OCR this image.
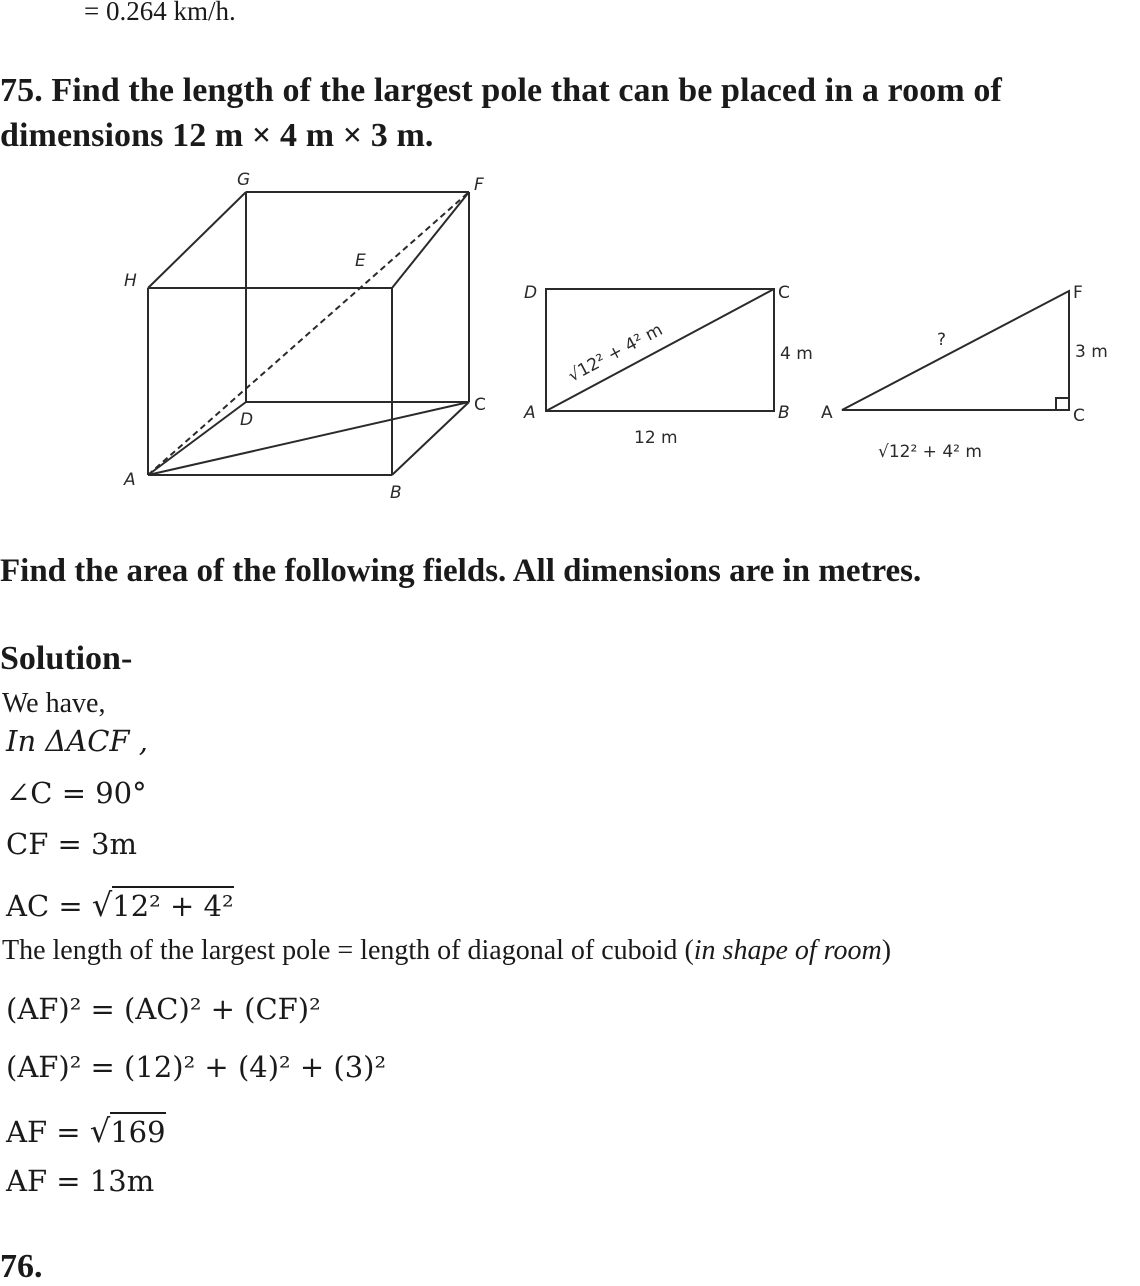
= 0.264 km/h.
75. Find the length of the largest pole that can be placed in a room of
dimensions 12 m × 4 m × 3 m.
G	F
H
E
D
C
A
B
D	C
A	B
√12² + 4² m	4 m
12 m
F
A	C
?
3 m
√12² + 4² m
Find the area of the following fields. All dimensions are in metres.
Solution-
We have,
In ΔACF ,
∠C = 90°
CF = 3m
AC = √12² + 4²
The length of the largest pole = length of diagonal of cuboid (in shape of room)
(AF)² = (AC)² + (CF)²
(AF)² = (12)² + (4)² + (3)²
AF = √169
AF = 13m
76.
